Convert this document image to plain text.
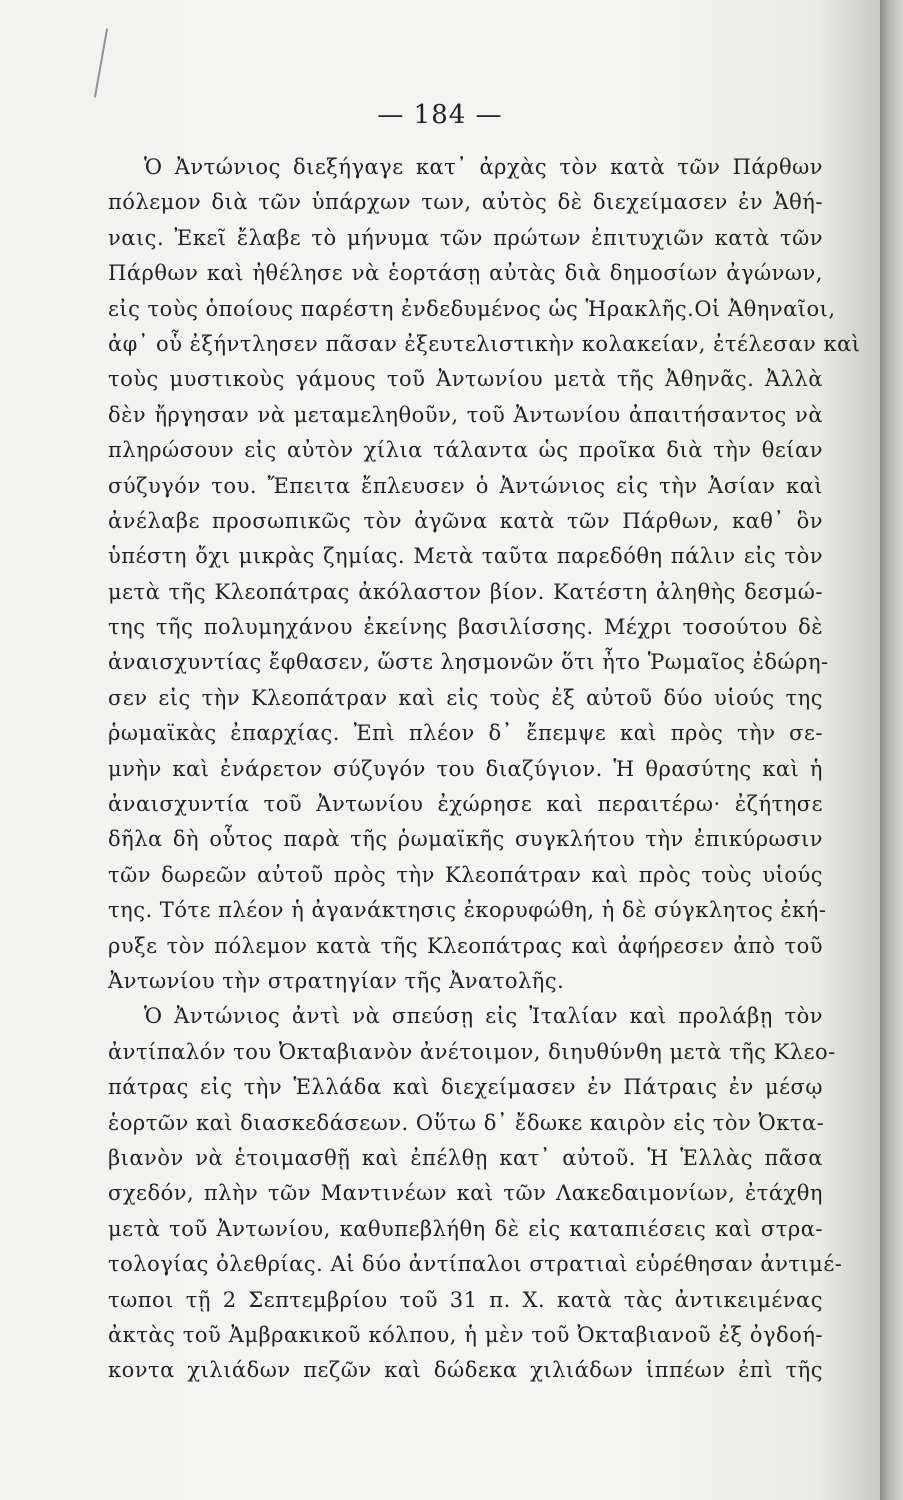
— 184 —
Ὁ Ἀντώνιος διεξήγαγε κατ᾽ ἀρχὰς τὸν κατὰ τῶν Πάρθων
πόλεμον διὰ τῶν ὑπάρχων των, αὐτὸς δὲ διεχείμασεν ἐν Ἀθή-
ναις. Ἐκεῖ ἔλαβε τὸ μήνυμα τῶν πρώτων ἐπιτυχιῶν κατὰ τῶν
Πάρθων καὶ ἠθέλησε νὰ ἑορτάσῃ αὐτὰς διὰ δημοσίων ἀγώνων,
εἰς τοὺς ὁποίους παρέστη ἐνδεδυμένος ὡς Ἡρακλῆς.Οἱ Ἀθηναῖοι,
ἀφ᾽ οὗ ἐξήντλησεν πᾶσαν ἐξευτελιστικὴν κολακείαν, ἐτέλεσαν καὶ
τοὺς μυστικοὺς γάμους τοῦ Ἀντωνίου μετὰ τῆς Ἀθηνᾶς. Ἀλλὰ
δὲν ἤργησαν νὰ μεταμεληθοῦν, τοῦ Ἀντωνίου ἀπαιτήσαντος νὰ
πληρώσουν εἰς αὐτὸν χίλια τάλαντα ὡς προῖκα διὰ τὴν θείαν
σύζυγόν του. Ἔπειτα ἔπλευσεν ὁ Ἀντώνιος εἰς τὴν Ἀσίαν καὶ
ἀνέλαβε προσωπικῶς τὸν ἀγῶνα κατὰ τῶν Πάρθων, καθ᾽ ὃν
ὑπέστη ὄχι μικρὰς ζημίας. Μετὰ ταῦτα παρεδόθη πάλιν εἰς τὸν
μετὰ τῆς Κλεοπάτρας ἀκόλαστον βίον. Κατέστη ἀληθὴς δεσμώ-
της τῆς πολυμηχάνου ἐκείνης βασιλίσσης. Μέχρι τοσούτου δὲ
ἀναισχυντίας ἔφθασεν, ὥστε λησμονῶν ὅτι ἦτο Ῥωμαῖος ἐδώρη-
σεν εἰς τὴν Κλεοπάτραν καὶ εἰς τοὺς ἐξ αὐτοῦ δύο υἱούς της
ῥωμαϊκὰς ἐπαρχίας. Ἐπὶ πλέον δ᾽ ἔπεμψε καὶ πρὸς τὴν σε-
μνὴν καὶ ἐνάρετον σύζυγόν του διαζύγιον. Ἡ θρασύτης καὶ ἡ
ἀναισχυντία τοῦ Ἀντωνίου ἐχώρησε καὶ περαιτέρω· ἐζήτησε
δῆλα δὴ οὗτος παρὰ τῆς ῥωμαϊκῆς συγκλήτου τὴν ἐπικύρωσιν
τῶν δωρεῶν αὐτοῦ πρὸς τὴν Κλεοπάτραν καὶ πρὸς τοὺς υἱούς
της. Τότε πλέον ἡ ἀγανάκτησις ἐκορυφώθη, ἡ δὲ σύγκλητος ἐκή-
ρυξε τὸν πόλεμον κατὰ τῆς Κλεοπάτρας καὶ ἀφήρεσεν ἀπὸ τοῦ
Ἀντωνίου τὴν στρατηγίαν τῆς Ἀνατολῆς.
Ὁ Ἀντώνιος ἀντὶ νὰ σπεύσῃ εἰς Ἰταλίαν καὶ προλάβῃ τὸν
ἀντίπαλόν του Ὀκταβιανὸν ἀνέτοιμον, διηυθύνθη μετὰ τῆς Κλεο-
πάτρας εἰς τὴν Ἑλλάδα καὶ διεχείμασεν ἐν Πάτραις ἐν μέσῳ
ἑορτῶν καὶ διασκεδάσεων. Οὕτω δ᾽ ἔδωκε καιρὸν εἰς τὸν Ὀκτα-
βιανὸν νὰ ἑτοιμασθῇ καὶ ἐπέλθῃ κατ᾽ αὐτοῦ. Ἡ Ἑλλὰς πᾶσα
σχεδόν, πλὴν τῶν Μαντινέων καὶ τῶν Λακεδαιμονίων, ἐτάχθη
μετὰ τοῦ Ἀντωνίου, καθυπεβλήθη δὲ εἰς καταπιέσεις καὶ στρα-
τολογίας ὀλεθρίας. Αἱ δύο ἀντίπαλοι στρατιαὶ εὑρέθησαν ἀντιμέ-
τωποι τῇ 2 Σεπτεμβρίου τοῦ 31 π. Χ. κατὰ τὰς ἀντικειμένας
ἀκτὰς τοῦ Ἀμβρακικοῦ κόλπου, ἡ μὲν τοῦ Ὀκταβιανοῦ ἐξ ὀγδοή-
κοντα χιλιάδων πεζῶν καὶ δώδεκα χιλιάδων ἱππέων ἐπὶ τῆς
